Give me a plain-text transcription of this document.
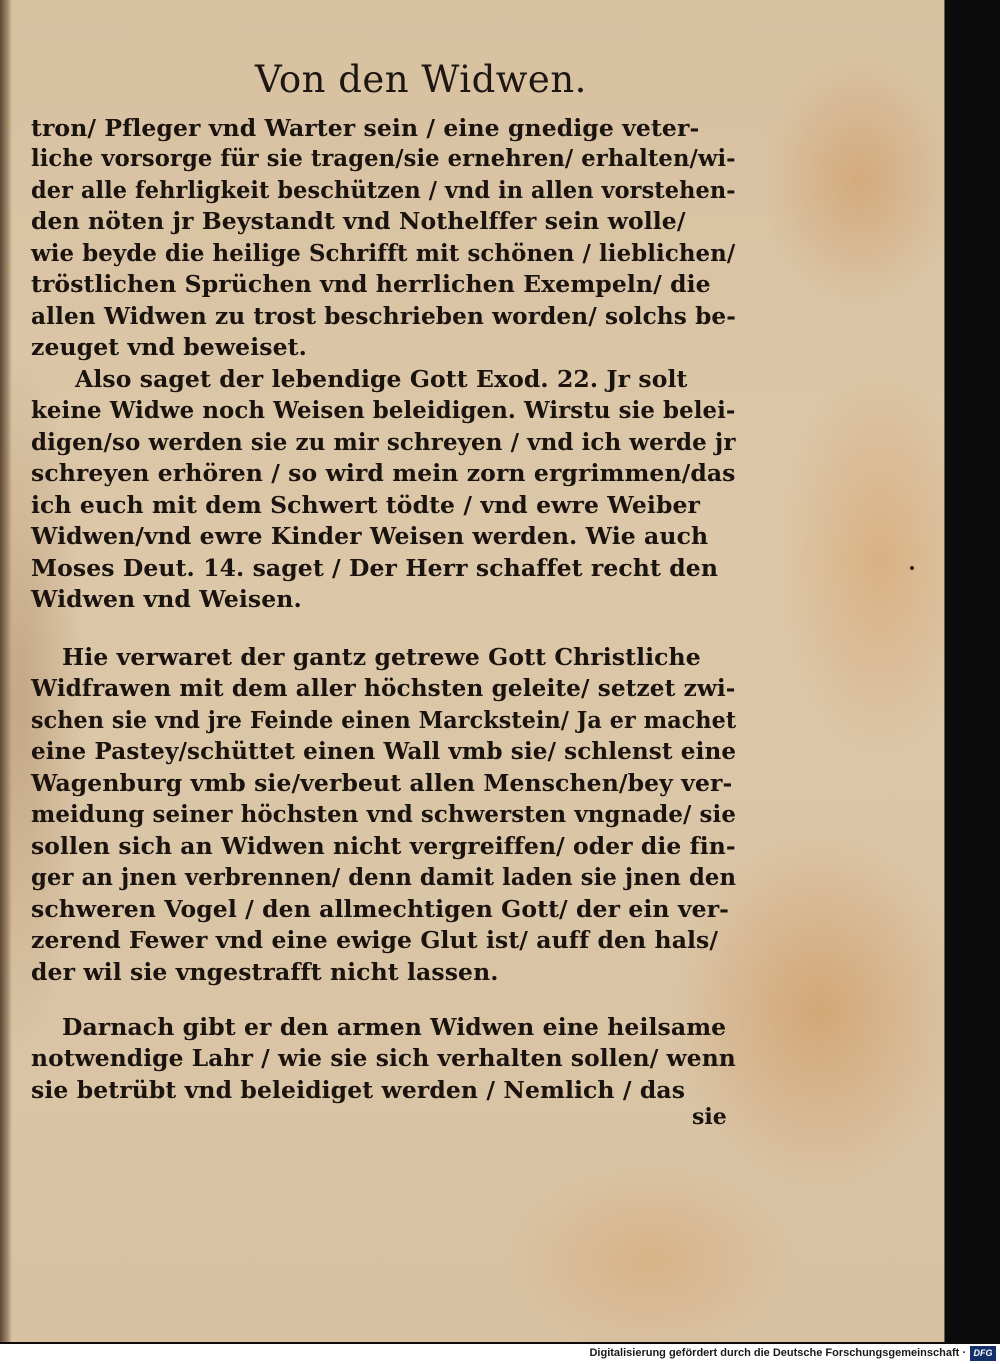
Von den Widwen.
tron/ Pfleger vnd Warter sein / eine gnedige veter-
liche vorsorge für sie tragen/sie ernehren/ erhalten/wi-
der alle fehrligkeit beschützen / vnd in allen vorstehen-
den nöten jr Beystandt vnd Nothelffer sein wolle/
wie beyde die heilige Schrifft mit schönen / lieblichen/
tröstlichen Sprüchen vnd herrlichen Exempeln/ die
allen Widwen zu trost beschrieben worden/ solchs be-
zeuget vnd beweiset.
Also saget der lebendige Gott Exod. 22. Jr solt
keine Widwe noch Weisen beleidigen. Wirstu sie belei-
digen/so werden sie zu mir schreyen / vnd ich werde jr
schreyen erhören / so wird mein zorn ergrimmen/das
ich euch mit dem Schwert tödte / vnd ewre Weiber
Widwen/vnd ewre Kinder Weisen werden. Wie auch
Moses Deut. 14. saget / Der Herr schaffet recht den
Widwen vnd Weisen.
Hie verwaret der gantz getrewe Gott Christliche
Widfrawen mit dem aller höchsten geleite/ setzet zwi-
schen sie vnd jre Feinde einen Marckstein/ Ja er machet
eine Pastey/schüttet einen Wall vmb sie/ schlenst eine
Wagenburg vmb sie/verbeut allen Menschen/bey ver-
meidung seiner höchsten vnd schwersten vngnade/ sie
sollen sich an Widwen nicht vergreiffen/ oder die fin-
ger an jnen verbrennen/ denn damit laden sie jnen den
schweren Vogel / den allmechtigen Gott/ der ein ver-
zerend Fewer vnd eine ewige Glut ist/ auff den hals/
der wil sie vngestrafft nicht lassen.
Darnach gibt er den armen Widwen eine heilsame
notwendige Lahr / wie sie sich verhalten sollen/ wenn
sie betrübt vnd beleidiget werden / Nemlich / das
sie
Digitalisierung gefördert durch die Deutsche Forschungsgemeinschaft · DFG
